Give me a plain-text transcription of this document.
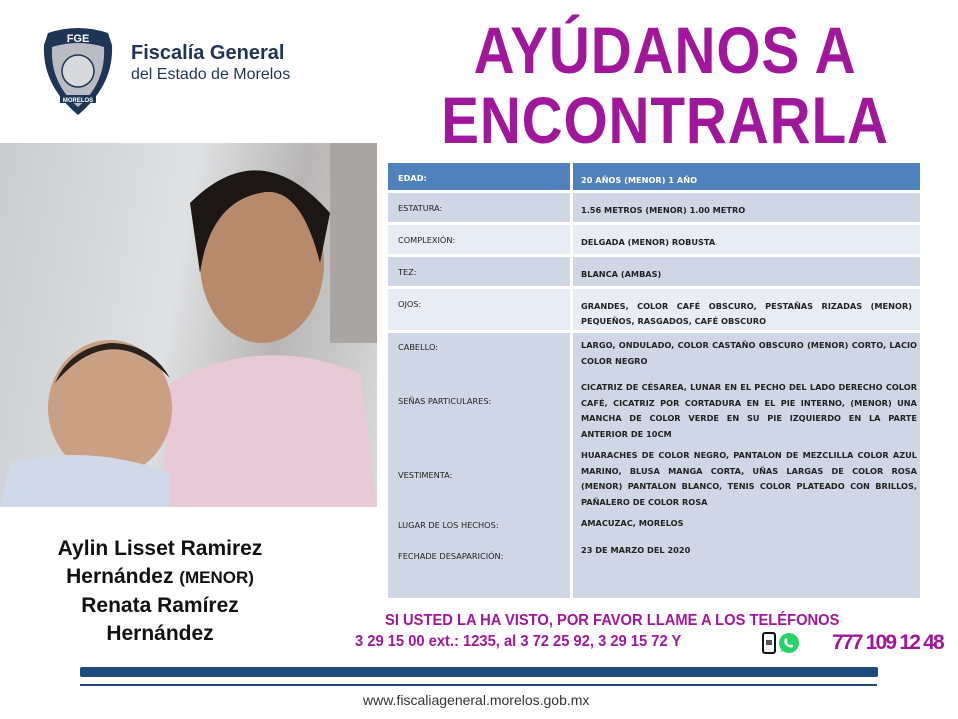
FGE
MORELOS
Fiscalía General
del Estado de Morelos	AYÚDANOS A
ENCONTRARLA
Aylin Lisset Ramirez
Hernández (MENOR)
Renata Ramírez
Hernández
EDAD:	20 AÑOS (MENOR) 1 AÑO
ESTATURA:	1.56 METROS (MENOR) 1.00 METRO
COMPLEXIÓN:	DELGADA (MENOR) ROBUSTA
TEZ:	BLANCA (AMBAS)
OJOS:	GRANDES, COLOR CAFÉ OBSCURO, PESTAÑAS RIZADAS (MENOR) PEQUEÑOS, RASGADOS, CAFÉ OBSCURO
CABELLO:	LARGO, ONDULADO, COLOR CASTAÑO OBSCURO (MENOR) CORTO, LACIO COLOR NEGRO
SEÑAS PARTICULARES:
CICATRIZ DE CÉSAREA, LUNAR EN EL PECHO DEL LADO DERECHO COLOR CAFÉ, CICATRIZ POR CORTADURA EN EL PIE INTERNO, (MENOR) UNA MANCHA DE COLOR VERDE EN SU PIE IZQUIERDO EN LA PARTE ANTERIOR DE 10CM
VESTIMENTA:
HUARACHES DE COLOR NEGRO, PANTALON DE MEZCLILLA COLOR AZUL MARINO, BLUSA MANGA CORTA, UÑAS LARGAS DE COLOR ROSA (MENOR) PANTALON BLANCO, TENIS COLOR PLATEADO CON BRILLOS, PAÑALERO DE COLOR ROSA
LUGAR DE LOS HECHOS:	AMACUZAC, MORELOS
FECHADE DESAPARICIÓN:
23 DE MARZO DEL 2020
SI USTED LA HA VISTO, POR FAVOR LLAME A LOS TELÉFONOS
3 29 15 00 ext.: 1235, al 3 72 25 92, 3 29 15 72 Y	777 109 12 48
www.fiscaliageneral.morelos.gob.mx
